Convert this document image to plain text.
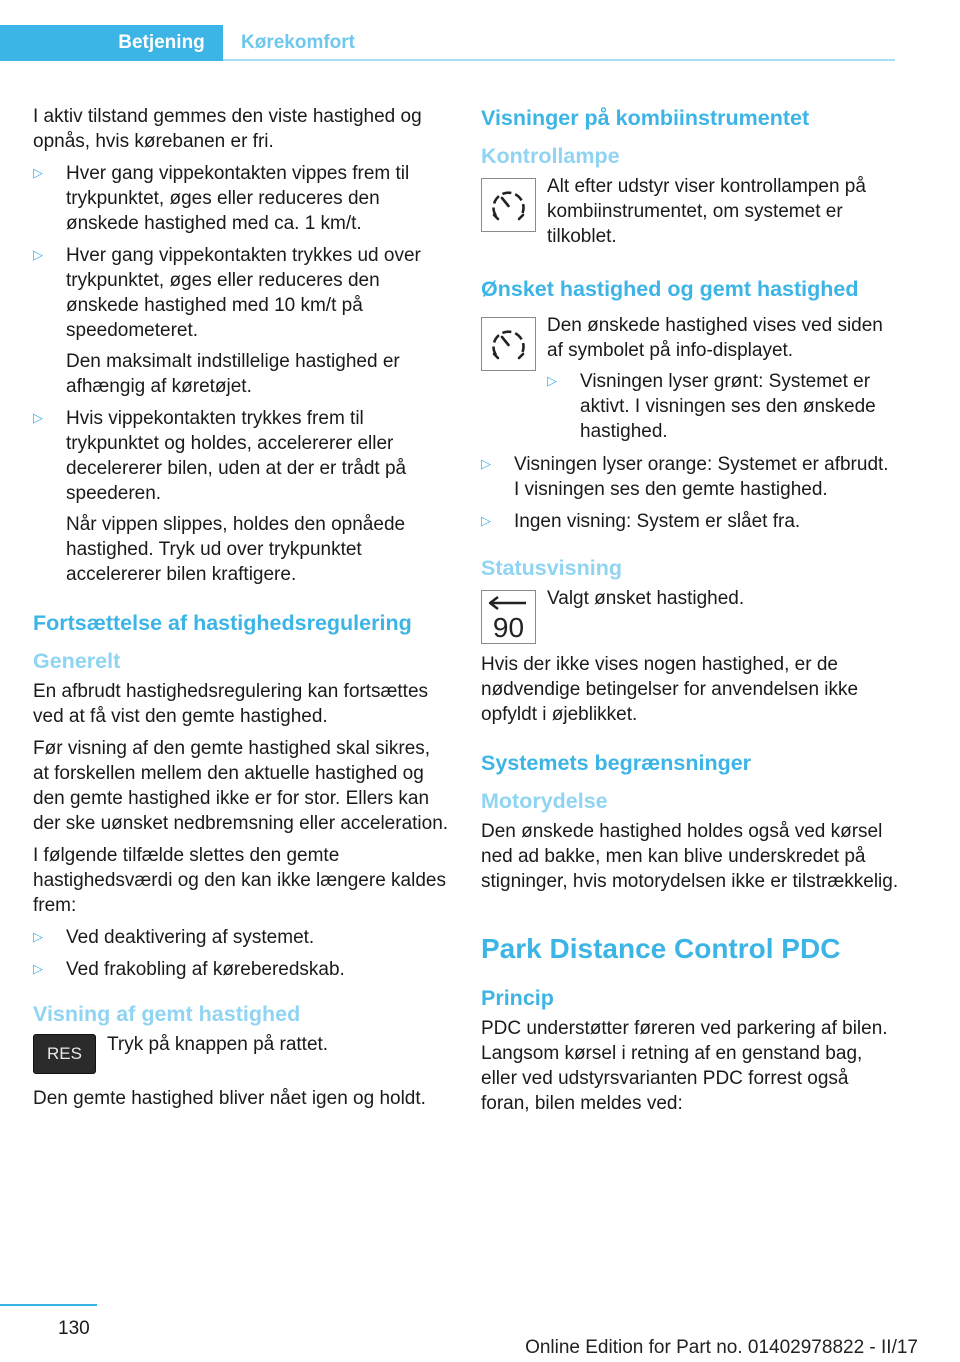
Betjening	Kørekomfort
I aktiv tilstand gemmes den viste hastighed og opnås, hvis kørebanen er fri.
▷ Hver gang vippekontakten vippes frem til trykpunktet, øges eller reduceres den ønskede hastighed med ca. 1 km/t.
▷ Hver gang vippekontakten trykkes ud over trykpunktet, øges eller reduceres den ønskede hastighed med 10 km/t på speedometeret.
Den maksimalt indstillelige hastighed er afhængig af køretøjet.
▷ Hvis vippekontakten trykkes frem til trykpunktet og holdes, accelererer eller decelererer bilen, uden at der er trådt på speederen.
Når vippen slippes, holdes den opnåede hastighed. Tryk ud over trykpunktet accelererer bilen kraftigere.
Fortsættelse af hastighedsregulering
Generelt
En afbrudt hastighedsregulering kan fortsættes ved at få vist den gemte hastighed.
Før visning af den gemte hastighed skal sikres, at forskellen mellem den aktuelle hastighed og den gemte hastighed ikke er for stor. Ellers kan der ske uønsket nedbremsning eller acceleration.
I følgende tilfælde slettes den gemte hastighedsværdi og den kan ikke længere kaldes frem:
▷ Ved deaktivering af systemet.
▷ Ved frakobling af køreberedskab.
Visning af gemt hastighed
RES	Tryk på knappen på rattet.
Den gemte hastighed bliver nået igen og holdt.
Visninger på kombiinstrumentet
Kontrollampe
Alt efter udstyr viser kontrollampen på kombiinstrumentet, om systemet er tilkoblet.
Ønsket hastighed og gemt hastighed
Den ønskede hastighed vises ved siden af symbolet på info-displayet.
▷ Visningen lyser grønt: Systemet er aktivt. I visningen ses den ønskede hastighed.
▷ Visningen lyser orange: Systemet er afbrudt. I visningen ses den gemte hastighed.
▷ Ingen visning: System er slået fra.
Statusvisning
90
Valgt ønsket hastighed.
Hvis der ikke vises nogen hastighed, er de nødvendige betingelser for anvendelsen ikke opfyldt i øjeblikket.
Systemets begrænsninger
Motorydelse
Den ønskede hastighed holdes også ved kørsel ned ad bakke, men kan blive underskredet på stigninger, hvis motorydelsen ikke er tilstrækkelig.
Park Distance Control PDC
Princip
PDC understøtter føreren ved parkering af bilen. Langsom kørsel i retning af en genstand bag, eller ved udstyrsvarianten PDC forrest også foran, bilen meldes ved:
130
Online Edition for Part no. 01402978822 - II/17
